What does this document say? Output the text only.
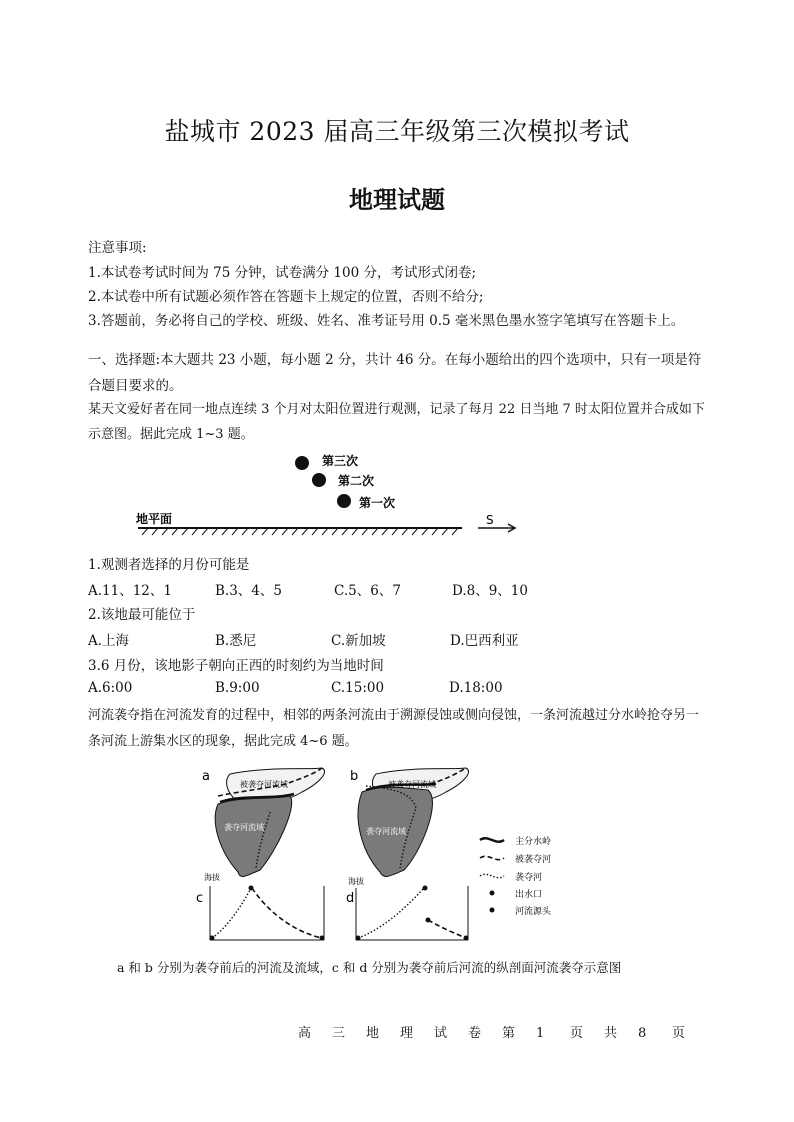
盐城市 2023 届高三年级第三次模拟考试
地理试题
注意事项:
1.本试卷考试时间为 75 分钟，试卷满分 100 分，考试形式闭卷;
2.本试卷中所有试题必须作答在答题卡上规定的位置，否则不给分;
3.答题前，务必将自己的学校、班级、姓名、准考证号用 0.5 毫米黑色墨水签字笔填写在答题卡上。
一、选择题:本大题共 23 小题，每小题 2 分，共计 46 分。在每小题给出的四个选项中，只有一项是符合题目要求的。
某天文爱好者在同一地点连续 3 个月对太阳位置进行观测，记录了每月 22 日当地 7 时太阳位置并合成如下示意图。据此完成 1~3 题。
第三次
第二次
第一次
地平面	S
1.观测者选择的月份可能是
A.11、12、1	B.3、4、5	C.5、6、7	D.8、9、10
2.该地最可能位于
A.上海	B.悉尼	C.新加坡	D.巴西利亚
3.6 月份，该地影子朝向正西的时刻约为当地时间
A.6:00	B.9:00	C.15:00	D.18:00
河流袭夺指在河流发育的过程中，相邻的两条河流由于溯源侵蚀或侧向侵蚀，一条河流越过分水岭抢夺另一条河流上游集水区的现象，据此完成 4~6 题。
a
被袭夺河流域
袭夺河流域
b
被袭夺河流域
袭夺河流域
海拔
c
海拔
d
主分水岭
被袭夺河
袭夺河
出水口
河流源头
a 和 b 分别为袭夺前后的河流及流域，c 和 d 分别为袭夺前后河流的纵剖面河流袭夺示意图
高 三 地 理 试 卷 第 1 页 共 8 页
